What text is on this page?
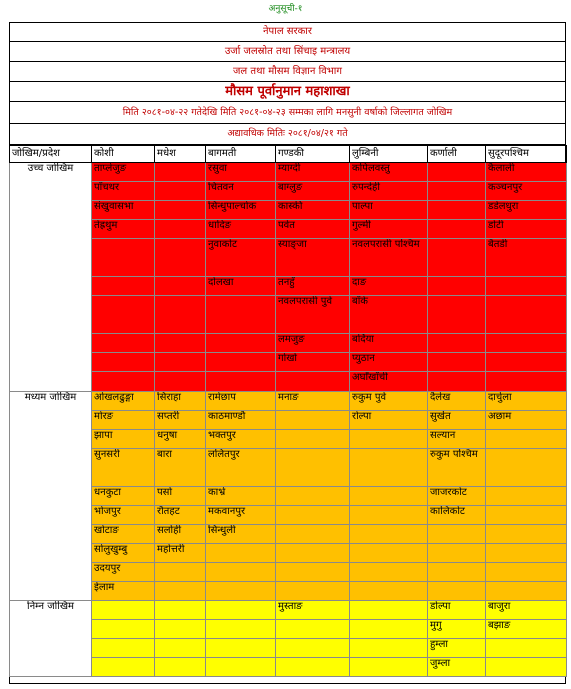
अनुसूची-१
नेपाल सरकार
उर्जा जलस्रोत तथा सिंचाइ मन्त्रालय
जल तथा मौसम विज्ञान विभाग
मौसम पूर्वानुमान महाशाखा
मिति २०८१-०४-२२ गतेदेखि मिति २०८१-०४-२३ सम्मका लागि मनसुनी वर्षाको जिल्लागत जोखिम
अद्यावधिक मितिः २०८१/०४/२१ गते
जोखिम/प्रदेश	कोशी	मधेश	बागमती	गण्डकी	लुम्बिनी	कर्णाली	सुदूरपश्चिम
उच्च जोखिम	ताप्लेजुङ		रसुवा	म्याग्दी	कपिलवस्तु		कैलाली
	पाँचथर		चितवन	बाग्लुङ	रुपन्देही		कञ्चनपुर
	संखुवासभा		सिन्धुपाल्चोक	कास्की	पाल्पा		डडेलधुरा
	तेह्रथुम		धादिङ	पर्वत	गुल्मी		डोटी
			नुवाकोट	स्याङ्जा	नवलपरासी पश्चिम		बैतडी
			दोलखा	तनहुँ	दाङ		
				नवलपरासी पुर्व	बाँके		
				लमजुङ	बर्दिया		
				गोर्खा	प्युठान		
					अर्घाँखाँची		
मध्यम जोखिम	ओखलढुङ्गा	सिराहा	रामेछाप	मनाङ	रुकुम पुर्व	दैलेख	दार्चुला
	मोरङ	सप्तरी	काठमाण्डौ		रोल्पा	सुर्खेत	अछाम
	झापा	धनुषा	भक्तपुर			सल्यान	
	सुनसरी	बारा	ललितपुर			रुकुम पश्चिम	
	धनकुटा	पर्सा	काभ्रे			जाजरकोट	
	भोजपुर	रौतहट	मकवानपुर			कालिकोट	
	खोटाङ	सर्लाही	सिन्धुली				
	सोलुखुम्बु	महोत्तरी					
	उदयपुर						
	ईलाम						
निम्न जोखिम				मुस्ताङ		डोल्पा	बाजुरा
						मुगु	बझाङ
						हुम्ला	
						जुम्ला	
